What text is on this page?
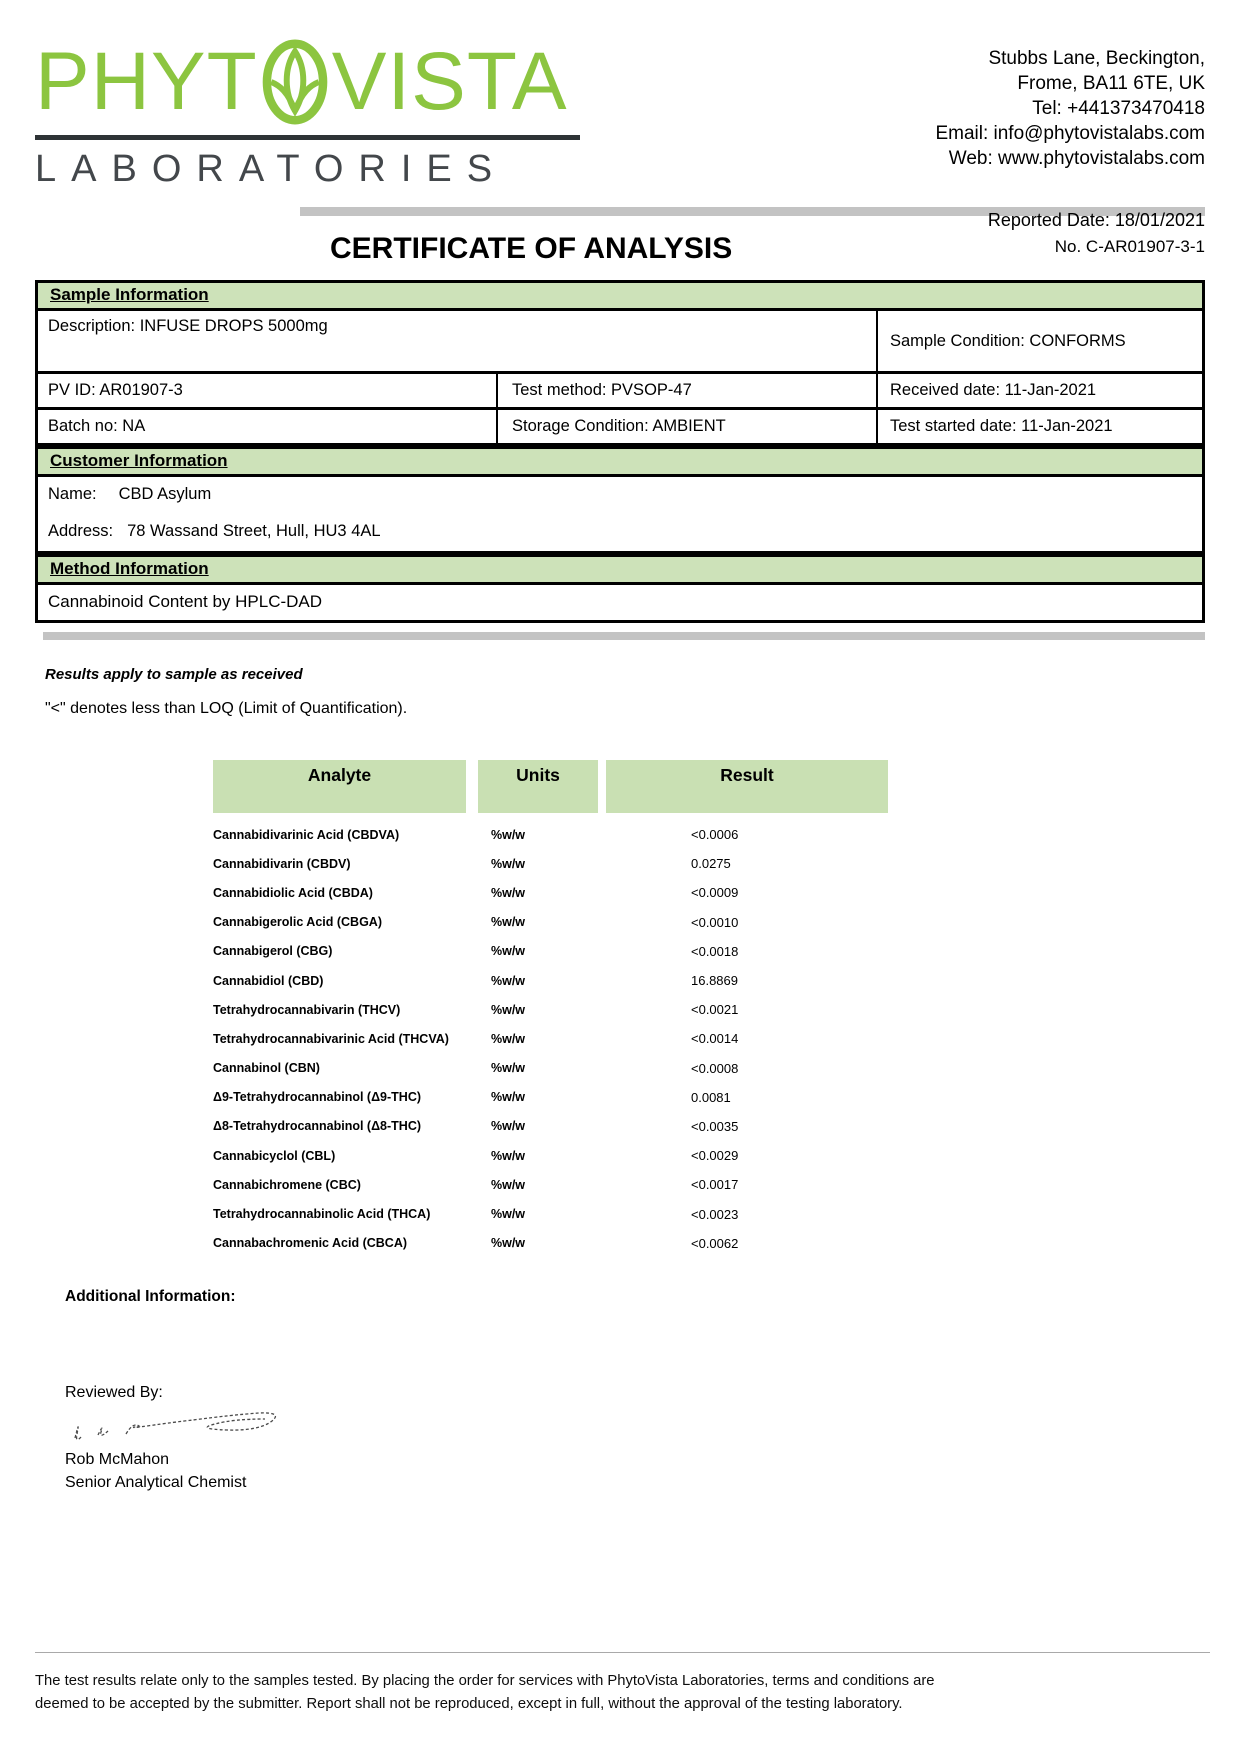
PHYT VISTA
LABORATORIES
Stubbs Lane, Beckington,
Frome, BA11 6TE, UK
Tel: +441373470418
Email: info@phytovistalabs.com
Web: www.phytovistalabs.com
CERTIFICATE OF ANALYSIS
Reported Date: 18/01/2021
No. C-AR01907-3-1
Sample Information
Description: INFUSE DROPS 5000mg
Sample Condition: CONFORMS
PV ID: AR01907-3	Test method: PVSOP-47	Received date: 11-Jan-2021
Batch no: NA	Storage Condition: AMBIENT	Test started date: 11-Jan-2021
Customer Information
Name: CBD Asylum
Address: 78 Wassand Street, Hull, HU3 4AL
Method Information
Cannabinoid Content by HPLC-DAD
Results apply to sample as received
"<" denotes less than LOQ (Limit of Quantification).
Analyte	Units	Result
Cannabidivarinic Acid (CBDVA)	%w/w	<0.0006
Cannabidivarin (CBDV)	%w/w	0.0275
Cannabidiolic Acid (CBDA)	%w/w	<0.0009
Cannabigerolic Acid (CBGA)	%w/w	<0.0010
Cannabigerol (CBG)	%w/w	<0.0018
Cannabidiol (CBD)	%w/w	16.8869
Tetrahydrocannabivarin (THCV)	%w/w	<0.0021
Tetrahydrocannabivarinic Acid (THCVA)	%w/w	<0.0014
Cannabinol (CBN)	%w/w	<0.0008
Δ9-Tetrahydrocannabinol (Δ9-THC)	%w/w	0.0081
Δ8-Tetrahydrocannabinol (Δ8-THC)	%w/w	<0.0035
Cannabicyclol (CBL)	%w/w	<0.0029
Cannabichromene (CBC)	%w/w	<0.0017
Tetrahydrocannabinolic Acid (THCA)	%w/w	<0.0023
Cannabachromenic Acid (CBCA)	%w/w	<0.0062
Additional Information:
Reviewed By:
Rob McMahon
Senior Analytical Chemist

The test results relate only to the samples tested. By placing the order for services with PhytoVista Laboratories, terms and conditions are

deemed to be accepted by the submitter. Report shall not be reproduced, except in full, without the approval of the testing laboratory.
